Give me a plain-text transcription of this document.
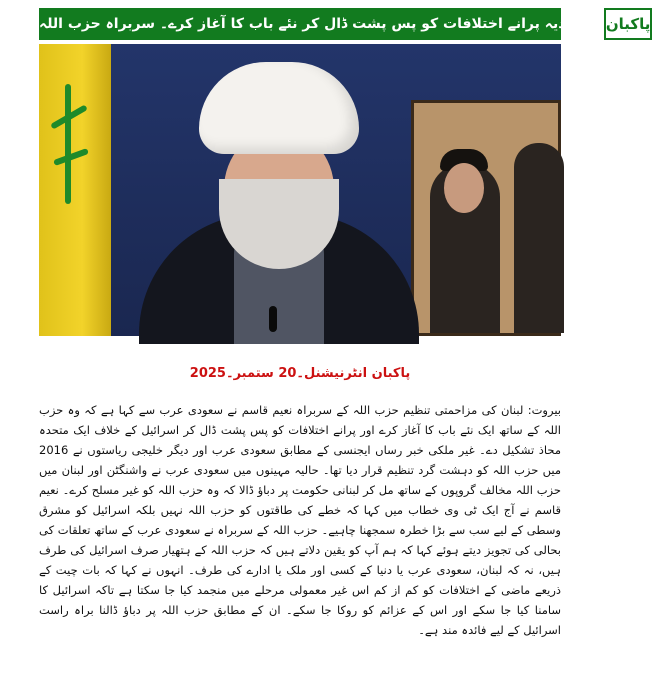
سعودیہ پرانے اختلافات کو پس پشت ڈال کر نئے باب کا آغاز کرے۔ سربراہ حزب اللہ پاکبان
پاکبان انٹرنیشنل۔20 ستمبر۔2025
بیروت: لبنان کی مزاحمتی تنظیم حزب اللہ کے سربراہ نعیم قاسم نے سعودی عرب سے کہا ہے کہ وہ حزب اللہ کے ساتھ ایک نئے باب کا آغاز کرے اور پرانے اختلافات کو پس پشت ڈال کر اسرائیل کے خلاف ایک متحدہ محاذ تشکیل دے۔ غیر ملکی خبر رساں ایجنسی کے مطابق سعودی عرب اور دیگر خلیجی ریاستوں نے 2016 میں حزب اللہ کو دہشت گرد تنظیم قرار دیا تھا۔ حالیہ مہینوں میں سعودی عرب نے واشنگٹن اور لبنان میں حزب اللہ مخالف گروپوں کے ساتھ مل کر لبنانی حکومت پر دباؤ ڈالا کہ وہ حزب اللہ کو غیر مسلح کرے۔ نعیم قاسم نے آج ایک ٹی وی خطاب میں کہا کہ خطے کی طاقتوں کو حزب اللہ نہیں بلکہ اسرائیل کو مشرق وسطی کے لیے سب سے بڑا خطرہ سمجھنا چاہیے۔ حزب اللہ کے سربراہ نے سعودی عرب کے ساتھ تعلقات کی بحالی کی تجویز دیتے ہوئے کہا کہ ہم آپ کو یقین دلاتے ہیں کہ حزب اللہ کے ہتھیار صرف اسرائیل کی طرف ہیں، نہ کہ لبنان، سعودی عرب یا دنیا کے کسی اور ملک یا ادارے کی طرف۔ انہوں نے کہا کہ بات چیت کے ذریعے ماضی کے اختلافات کو کم از کم اس غیر معمولی مرحلے میں منجمد کیا جا سکتا ہے تاکہ اسرائیل کا سامنا کیا جا سکے اور اس کے عزائم کو روکا جا سکے۔ ان کے مطابق حزب اللہ پر دباؤ ڈالنا براہ راست اسرائیل کے لیے فائدہ مند ہے۔
